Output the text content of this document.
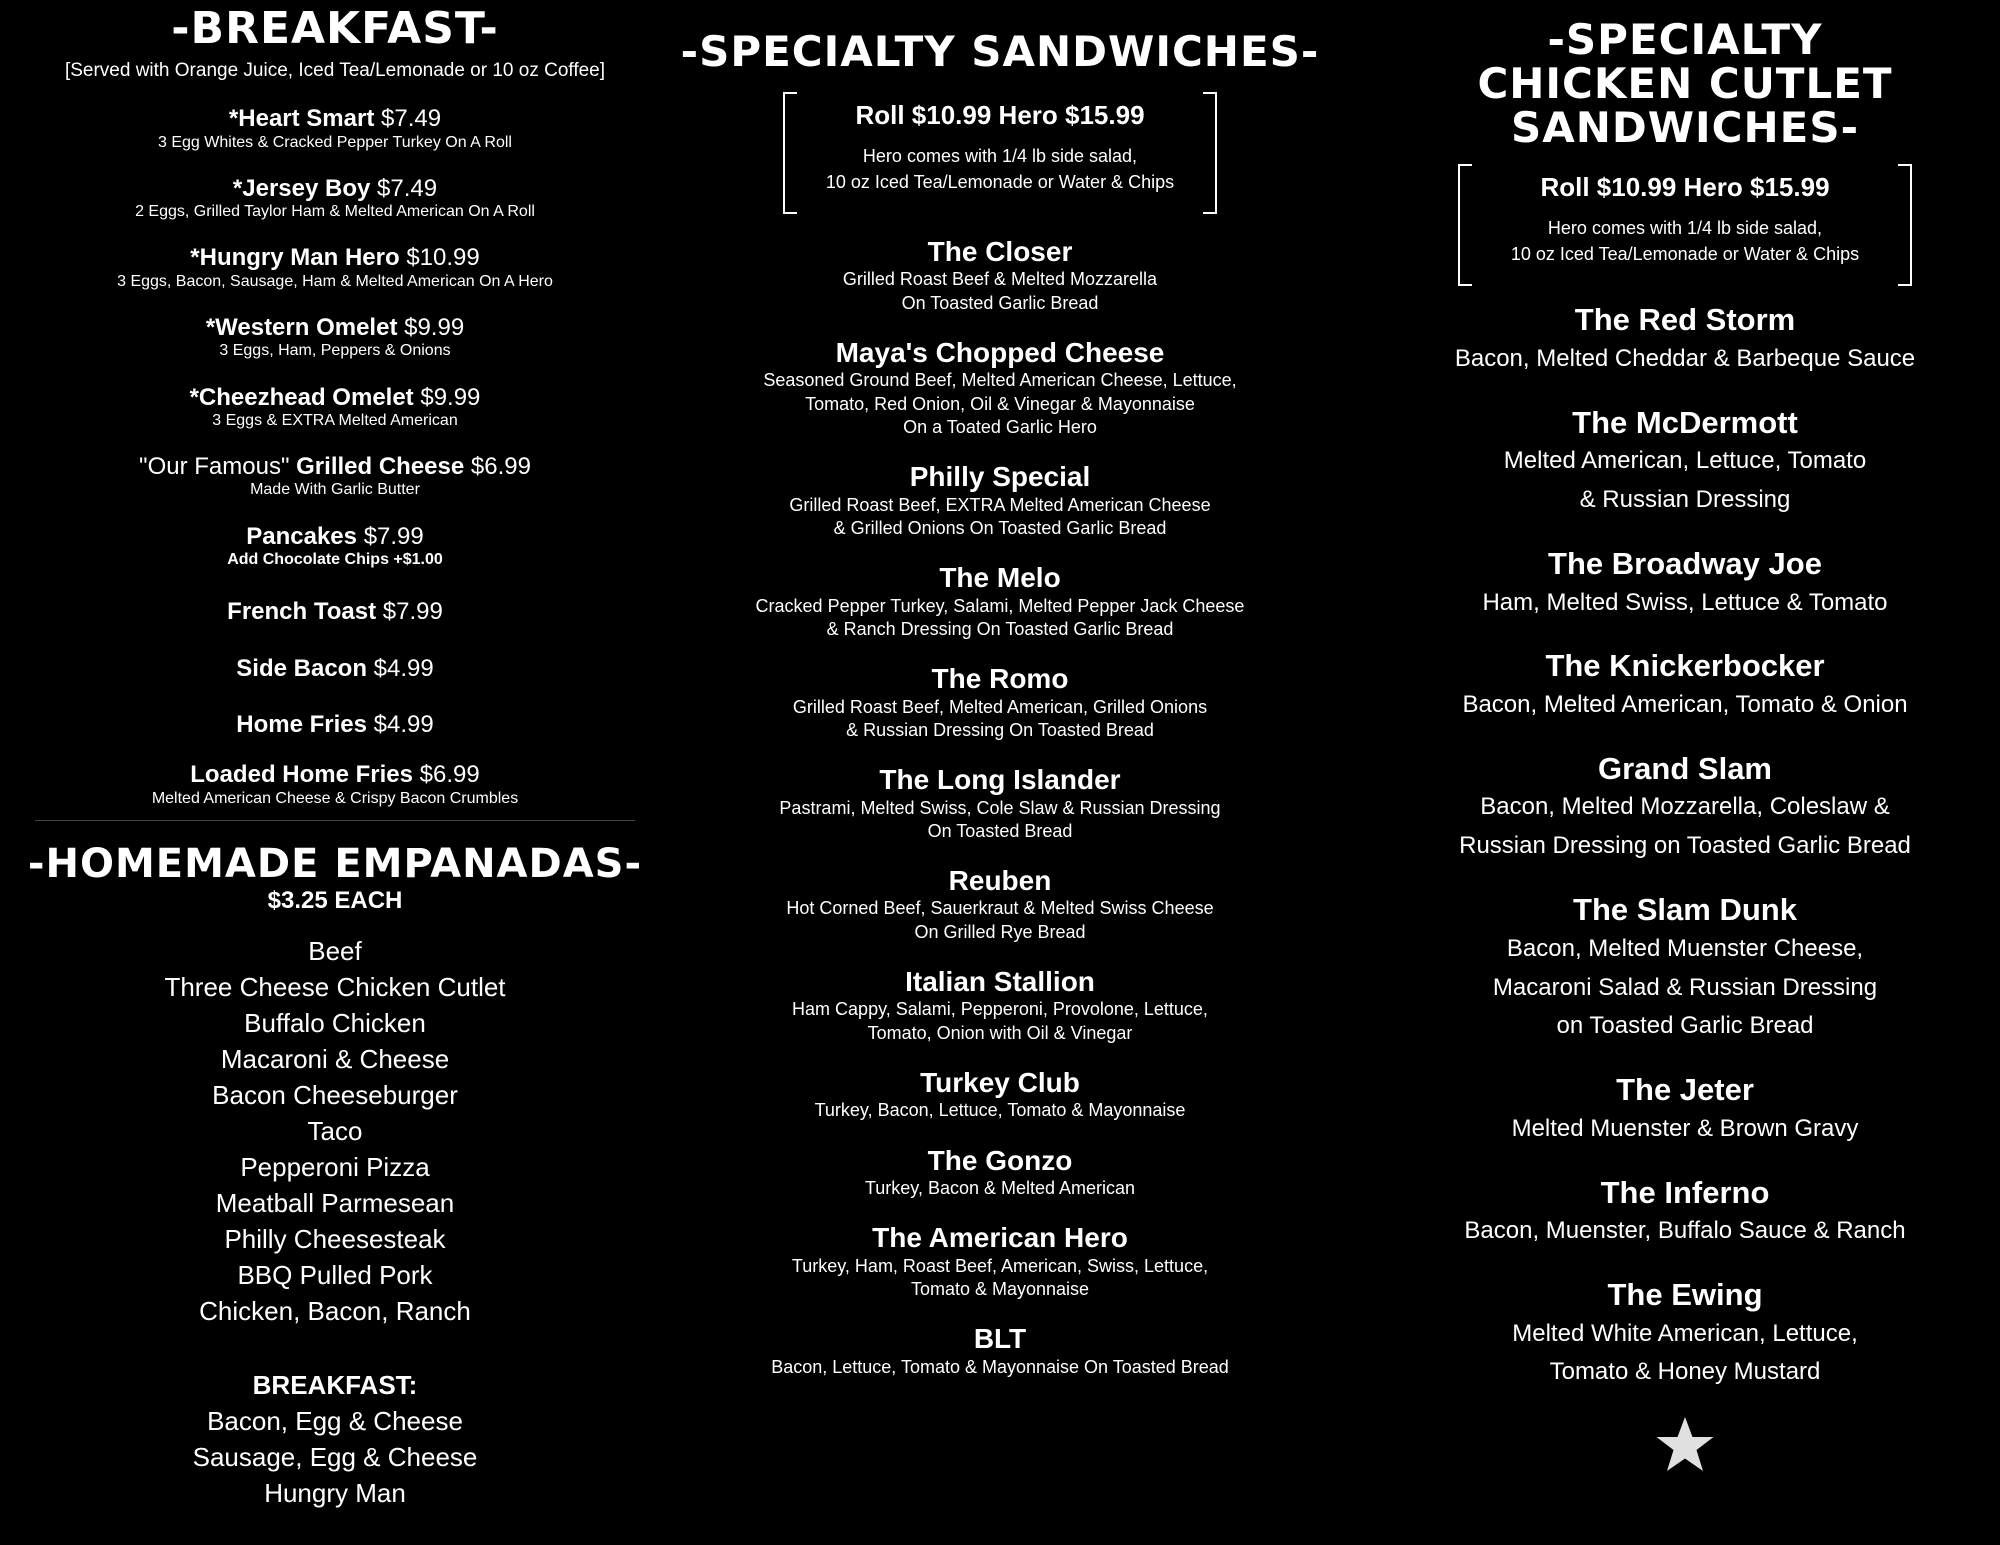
-BREAKFAST-
[Served with Orange Juice, Iced Tea/Lemonade or 10 oz Coffee]
*Heart Smart $7.49
3 Egg Whites & Cracked Pepper Turkey On A Roll
*Jersey Boy $7.49
2 Eggs, Grilled Taylor Ham & Melted American On A Roll
*Hungry Man Hero $10.99
3 Eggs, Bacon, Sausage, Ham & Melted American On A Hero
*Western Omelet $9.99
3 Eggs, Ham, Peppers & Onions
*Cheezhead Omelet $9.99
3 Eggs & EXTRA Melted American
"Our Famous" Grilled Cheese $6.99
Made With Garlic Butter
Pancakes $7.99
Add Chocolate Chips +$1.00
French Toast $7.99
Side Bacon $4.99
Home Fries $4.99
Loaded Home Fries $6.99
Melted American Cheese & Crispy Bacon Crumbles
-HOMEMADE EMPANADAS-
$3.25 EACH
Beef
Three Cheese Chicken Cutlet
Buffalo Chicken
Macaroni & Cheese
Bacon Cheeseburger
Taco
Pepperoni Pizza
Meatball Parmesean
Philly Cheesesteak
BBQ Pulled Pork
Chicken, Bacon, Ranch
BREAKFAST:
Bacon, Egg & Cheese
Sausage, Egg & Cheese
Hungry Man
-SPECIALTY SANDWICHES-
Roll $10.99 Hero $15.99
Hero comes with 1/4 lb side salad,
10 oz Iced Tea/Lemonade or Water & Chips
The Closer
Grilled Roast Beef & Melted Mozzarella
On Toasted Garlic Bread
Maya's Chopped Cheese
Seasoned Ground Beef, Melted American Cheese, Lettuce,
Tomato, Red Onion, Oil & Vinegar & Mayonnaise
On a Toated Garlic Hero
Philly Special
Grilled Roast Beef, EXTRA Melted American Cheese
& Grilled Onions On Toasted Garlic Bread
The Melo
Cracked Pepper Turkey, Salami, Melted Pepper Jack Cheese
& Ranch Dressing On Toasted Garlic Bread
The Romo
Grilled Roast Beef, Melted American, Grilled Onions
& Russian Dressing On Toasted Bread
The Long Islander
Pastrami, Melted Swiss, Cole Slaw & Russian Dressing
On Toasted Bread
Reuben
Hot Corned Beef, Sauerkraut & Melted Swiss Cheese
On Grilled Rye Bread
Italian Stallion
Ham Cappy, Salami, Pepperoni, Provolone, Lettuce,
Tomato, Onion with Oil & Vinegar
Turkey Club
Turkey, Bacon, Lettuce, Tomato & Mayonnaise
The Gonzo
Turkey, Bacon & Melted American
The American Hero
Turkey, Ham, Roast Beef, American, Swiss, Lettuce,
Tomato & Mayonnaise
BLT
Bacon, Lettuce, Tomato & Mayonnaise On Toasted Bread
-SPECIALTY
CHICKEN CUTLET
SANDWICHES-
Roll $10.99 Hero $15.99
Hero comes with 1/4 lb side salad,
10 oz Iced Tea/Lemonade or Water & Chips
The Red Storm
Bacon, Melted Cheddar & Barbeque Sauce
The McDermott
Melted American, Lettuce, Tomato
& Russian Dressing
The Broadway Joe
Ham, Melted Swiss, Lettuce & Tomato
The Knickerbocker
Bacon, Melted American, Tomato & Onion
Grand Slam
Bacon, Melted Mozzarella, Coleslaw &
Russian Dressing on Toasted Garlic Bread
The Slam Dunk
Bacon, Melted Muenster Cheese,
Macaroni Salad & Russian Dressing
on Toasted Garlic Bread
The Jeter
Melted Muenster & Brown Gravy
The Inferno
Bacon, Muenster, Buffalo Sauce & Ranch
The Ewing
Melted White American, Lettuce,
Tomato & Honey Mustard
